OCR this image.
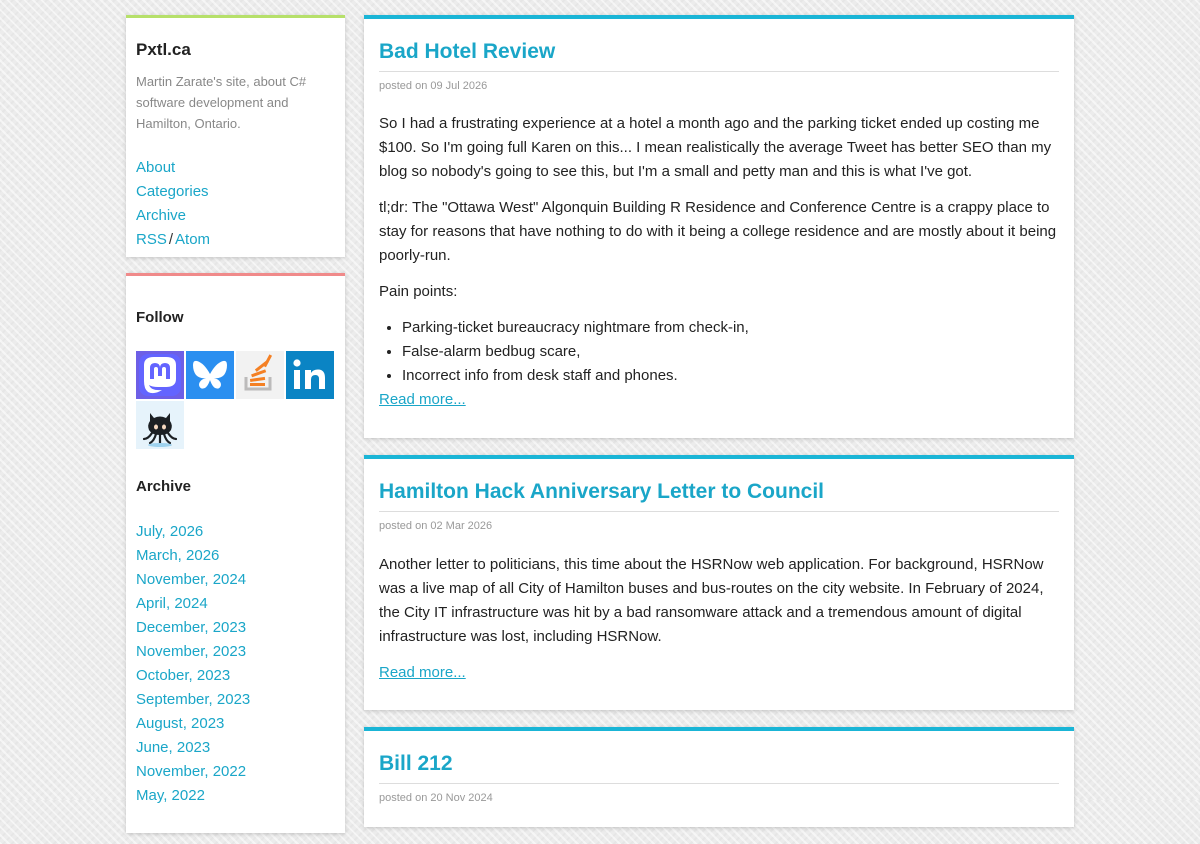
Pxtl.ca
Martin Zarate's site, about C# software development and Hamilton, Ontario.
About
Categories
Archive
RSS / Atom
Follow
Archive
July, 2026
March, 2026
November, 2024
April, 2024
December, 2023
November, 2023
October, 2023
September, 2023
August, 2023
June, 2023
November, 2022
May, 2022
Bad Hotel Review
posted on 09 Jul 2026

So I had a frustrating experience at a hotel a month ago and the parking ticket ended up costing me $100. So I'm going full Karen on this... I mean realistically the average Tweet has better SEO than my blog so nobody's going to see this, but I'm a small and petty man and this is what I've got.

tl;dr: The "Ottawa West" Algonquin Building R Residence and Conference Centre is a crappy place to stay for reasons that have nothing to do with it being a college residence and are mostly about it being poorly-run.

Pain points:

• Parking-ticket bureaucracy nightmare from check-in,
• False-alarm bedbug scare,
• Incorrect info from desk staff and phones.
Read more...
Hamilton Hack Anniversary Letter to Council
posted on 02 Mar 2026

Another letter to politicians, this time about the HSRNow web application. For background, HSRNow was a live map of all City of Hamilton buses and bus-routes on the city website. In February of 2024, the City IT infrastructure was hit by a bad ransomware attack and a tremendous amount of digital infrastructure was lost, including HSRNow.

Read more...
Bill 212
posted on 20 Nov 2024
